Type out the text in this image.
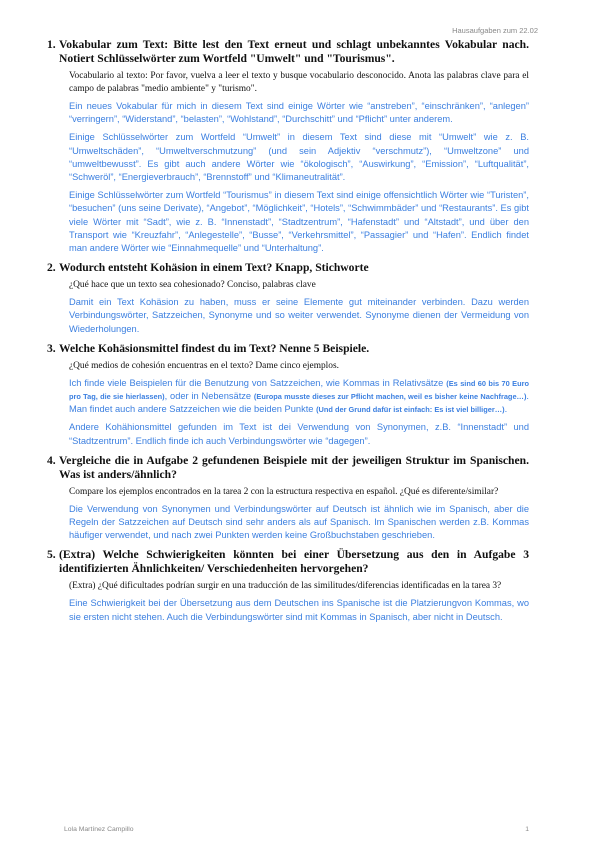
Hausaufgaben zum 22.02

1. Vokabular zum Text: Bitte lest den Text erneut und schlagt unbekanntes Vokabular nach. Notiert Schlüsselwörter zum Wortfeld "Umwelt" und "Tourismus".

Vocabulario al texto: Por favor, vuelva a leer el texto y busque vocabulario desconocido. Anota las palabras clave para el campo de palabras "medio ambiente" y "turismo".

Ein neues Vokabular für mich in diesem Text sind einige Wörter wie “anstreben”, “einschränken”, “anlegen” “verringern”, “Widerstand”, “belasten”, “Wohlstand”, “Durchschitt” und “Pflicht” unter anderem.

Einige Schlüsselwörter zum Wortfeld “Umwelt” in diesem Text sind diese mit “Umwelt” wie z. B. “Umweltschäden”, “Umweltverschmutzung” (und sein Adjektiv “verschmutz”), “Umweltzone” und “umweltbewusst”. Es gibt auch andere Wörter wie “ökologisch”, “Auswirkung”, “Emission”, “Luftqualität”, “Schweröl”, “Energieverbrauch”, “Brennstoff” und “Klimaneutralität”.

Einige Schlüsselwörter zum Wortfeld “Tourismus” in diesem Text sind einige offensichtlich Wörter wie “Turisten”, “besuchen” (uns seine Derivate), “Angebot”, “Möglichkeit”, “Hotels”, “Schwimmbäder” und “Restaurants”. Es gibt viele Wörter mit “Sadt”, wie z. B. “Innenstadt”, “Stadtzentrum”, “Hafenstadt” und “Altstadt”, und über den Transport wie “Kreuzfahr”, “Anlegestelle”, “Busse”, “Verkehrsmittel”, “Passagier” und “Hafen”. Endlich findet man andere Wörter wie “Einnahmequelle” und “Unterhaltung”.

2. Wodurch entsteht Kohäsion in einem Text? Knapp, Stichworte

¿Qué hace que un texto sea cohesionado? Conciso, palabras clave

Damit ein Text Kohäsion zu haben, muss er seine Elemente gut miteinander verbinden. Dazu werden Verbindungswörter, Satzzeichen, Synonyme und so weiter verwendet. Synonyme dienen der Vermeidung von Wiederholungen.

3. Welche Kohäsionsmittel findest du im Text? Nenne 5 Beispiele.

¿Qué medios de cohesión encuentras en el texto? Dame cinco ejemplos.

Ich finde viele Beispielen für die Benutzung von Satzzeichen, wie Kommas in Relativsätze (Es sind 60 bis 70 Euro pro Tag, die sie hierlassen), oder in Nebensätze (Europa musste dieses zur Pflicht machen, weil es bisher keine Nachfrage…). Man findet auch andere Satzzeichen wie die beiden Punkte (Und der Grund dafür ist einfach: Es ist viel billiger…).

Andere Kohähionsmittel gefunden im Text ist dei Verwendung von Synonymen, z.B. “Innenstadt” und “Stadtzentrum”. Endlich finde ich auch Verbindungswörter wie “dagegen”.

4. Vergleiche die in Aufgabe 2 gefundenen Beispiele mit der jeweiligen Struktur im Spanischen. Was ist anders/ähnlich?

Compare los ejemplos encontrados en la tarea 2 con la estructura respectiva en español. ¿Qué es diferente/similar?

Die Verwendung von Synonymen und Verbindungswörter auf Deutsch ist ähnlich wie im Spanisch, aber die Regeln der Satzzeichen auf Deutsch sind sehr anders als auf Spanisch. Im Spanischen werden z.B. Kommas häufiger verwendet, und nach zwei Punkten werden keine Großbuchstaben geschrieben.

5. (Extra) Welche Schwierigkeiten könnten bei einer Übersetzung aus den in Aufgabe 3 identifizierten Ähnlichkeiten/ Verschiedenheiten hervorgehen?

(Extra) ¿Qué dificultades podrían surgir en una traducción de las similitudes/diferencias identificadas en la tarea 3?

Eine Schwierigkeit bei der Übersetzung aus dem Deutschen ins Spanische ist die Platzierungvon Kommas, wo sie ersten nicht stehen. Auch die Verbindungswörter sind mit Kommas in Spanisch, aber nicht in Deutsch.

Lola Martínez Campillo	1
